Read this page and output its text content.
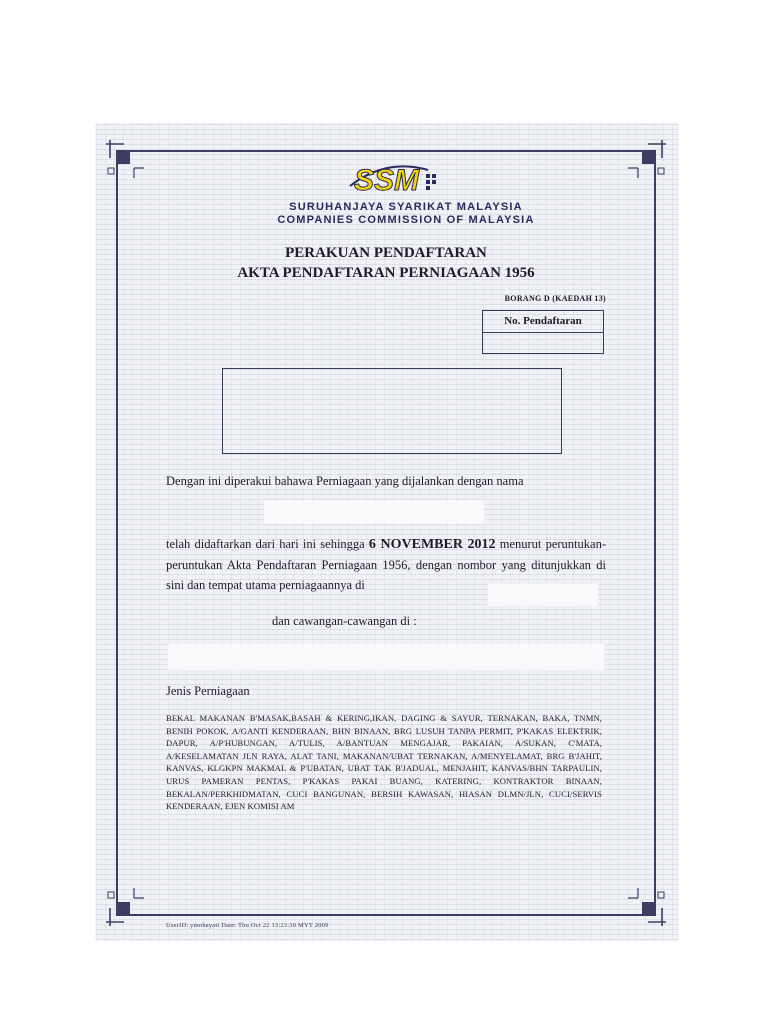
SSM
SURUHANJAYA SYARIKAT MALAYSIA
COMPANIES COMMISSION OF MALAYSIA
PERAKUAN PENDAFTARAN
AKTA PENDAFTARAN PERNIAGAAN 1956
BORANG D (KAEDAH 13)
No. Pendaftaran
Dengan ini diperakui bahawa Perniagaan yang dijalankan dengan nama
telah didaftarkan dari hari ini sehingga 6 NOVEMBER 2012 menurut peruntukan-peruntukan Akta Pendaftaran Perniagaan 1956, dengan nombor yang ditunjukkan di sini dan tempat utama perniagaannya di
dan cawangan-cawangan di :
Jenis Perniagaan
BEKAL MAKANAN B'MASAK,BASAH & KERING,IKAN, DAGING & SAYUR, TERNAKAN, BAKA, TNMN, BENIH POKOK, A/GANTI KENDERAAN, BHN BINAAN, BRG LUSUH TANPA PERMIT, P'KAKAS ELEKTRIK, DAPUR, A/P'HUBUNGAN, A/TULIS, A/BANTUAN MENGAJAR, PAKAIAN, A/SUKAN, C'MATA, A/KESELAMATAN JLN RAYA, ALAT TANI, MAKANAN/UBAT TERNAKAN, A/MENYELAMAT, BRG B'JAHIT, KANVAS, KLGKPN MAKMAL & P'UBATAN, UBAT TAK B'JADUAL, MENJAHIT, KANVAS/BHN TARPAULIN, URUS PAMERAN PENTAS, P'KAKAS PAKAI BUANG, KATERING, KONTRAKTOR BINAAN, BEKALAN/PERKHIDMATAN, CUCI BANGUNAN, BERSIH KAWASAN, HIASAN DLMN/JLN, CUCI/SERVIS KENDERAAN, EJEN KOMISI AM
UserID: ymohayati Date: Thu Oct 22 13:23:30 MYT 2009
